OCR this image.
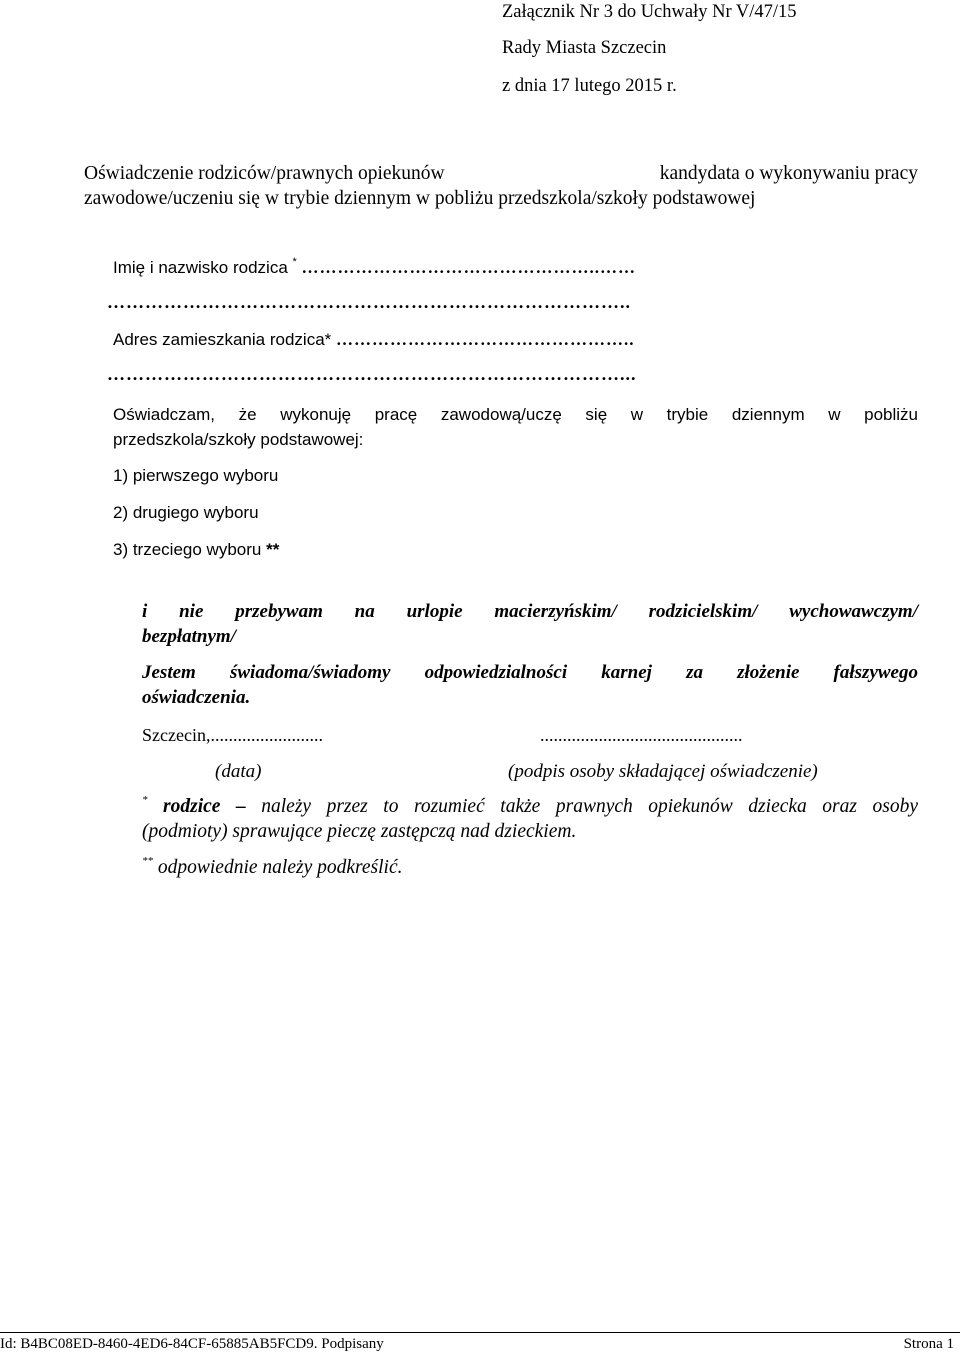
Załącznik Nr 3 do Uchwały Nr V/47/15
Rady Miasta Szczecin
z dnia 17 lutego 2015 r.
Oświadczenie rodziców/prawnych opiekunów	kandydata o wykonywaniu pracy
zawodowe/uczeniu się w trybie dziennym w pobliżu przedszkola/szkoły podstawowej
Imię i nazwisko rodzica * …………………………………………..……
………………………………………………………………………..
Adres zamieszkania rodzica* …………………………………………..
………………………………………………………………………...
Oświadczam, że wykonuję pracę zawodową/uczę się w trybie dziennym w pobliżu
przedszkola/szkoły podstawowej:
1) pierwszego wyboru
2) drugiego wyboru
3) trzeciego wyboru **
i nie przebywam na urlopie macierzyńskim/ rodzicielskim/ wychowawczym/
bezpłatnym/
Jestem świadoma/świadomy odpowiedzialności karnej za złożenie fałszywego
oświadczenia.
Szczecin,.........................	.............................................
(data)	(podpis osoby składającej oświadczenie)
* rodzice – należy przez to rozumieć także prawnych opiekunów dziecka oraz osoby
(podmioty) sprawujące pieczę zastępczą nad dzieckiem.
** odpowiednie należy podkreślić.
Id: B4BC08ED-8460-4ED6-84CF-65885AB5FCD9. Podpisany	Strona 1
